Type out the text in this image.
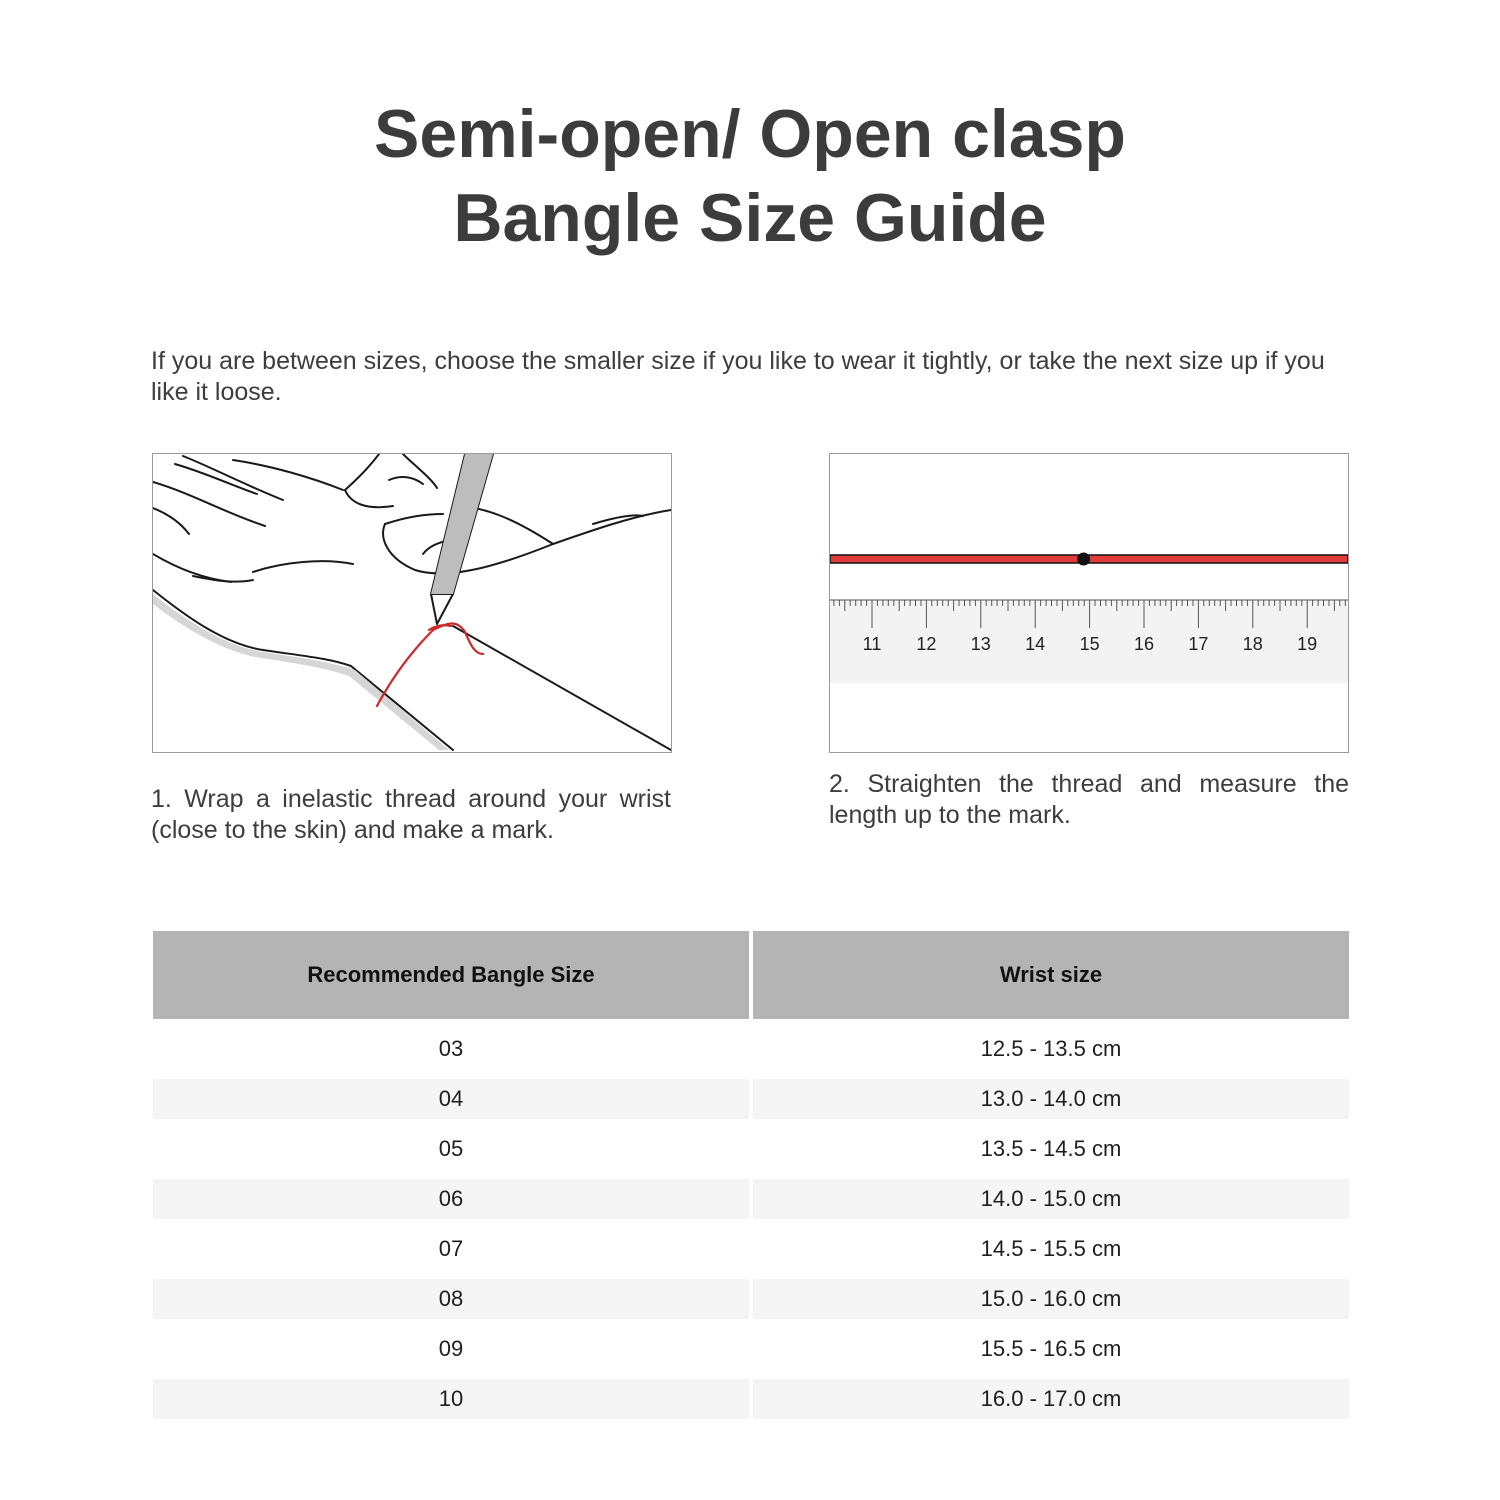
Semi-open/ Open clasp
Bangle Size Guide

If you are between sizes, choose the smaller size if you like to wear it tightly, or take the next size up if you like it loose.

11 12 13 14 15 16 17 18 19

1. Wrap a inelastic thread around your wrist (close to the skin) and make a mark.

2. Straighten the thread and measure the length up to the mark.

Recommended Bangle Size	Wrist size
03	12.5 - 13.5 cm
04	13.0 - 14.0 cm
05	13.5 - 14.5 cm
06	14.0 - 15.0 cm
07	14.5 - 15.5 cm
08	15.0 - 16.0 cm
09	15.5 - 16.5 cm
10	16.0 - 17.0 cm
